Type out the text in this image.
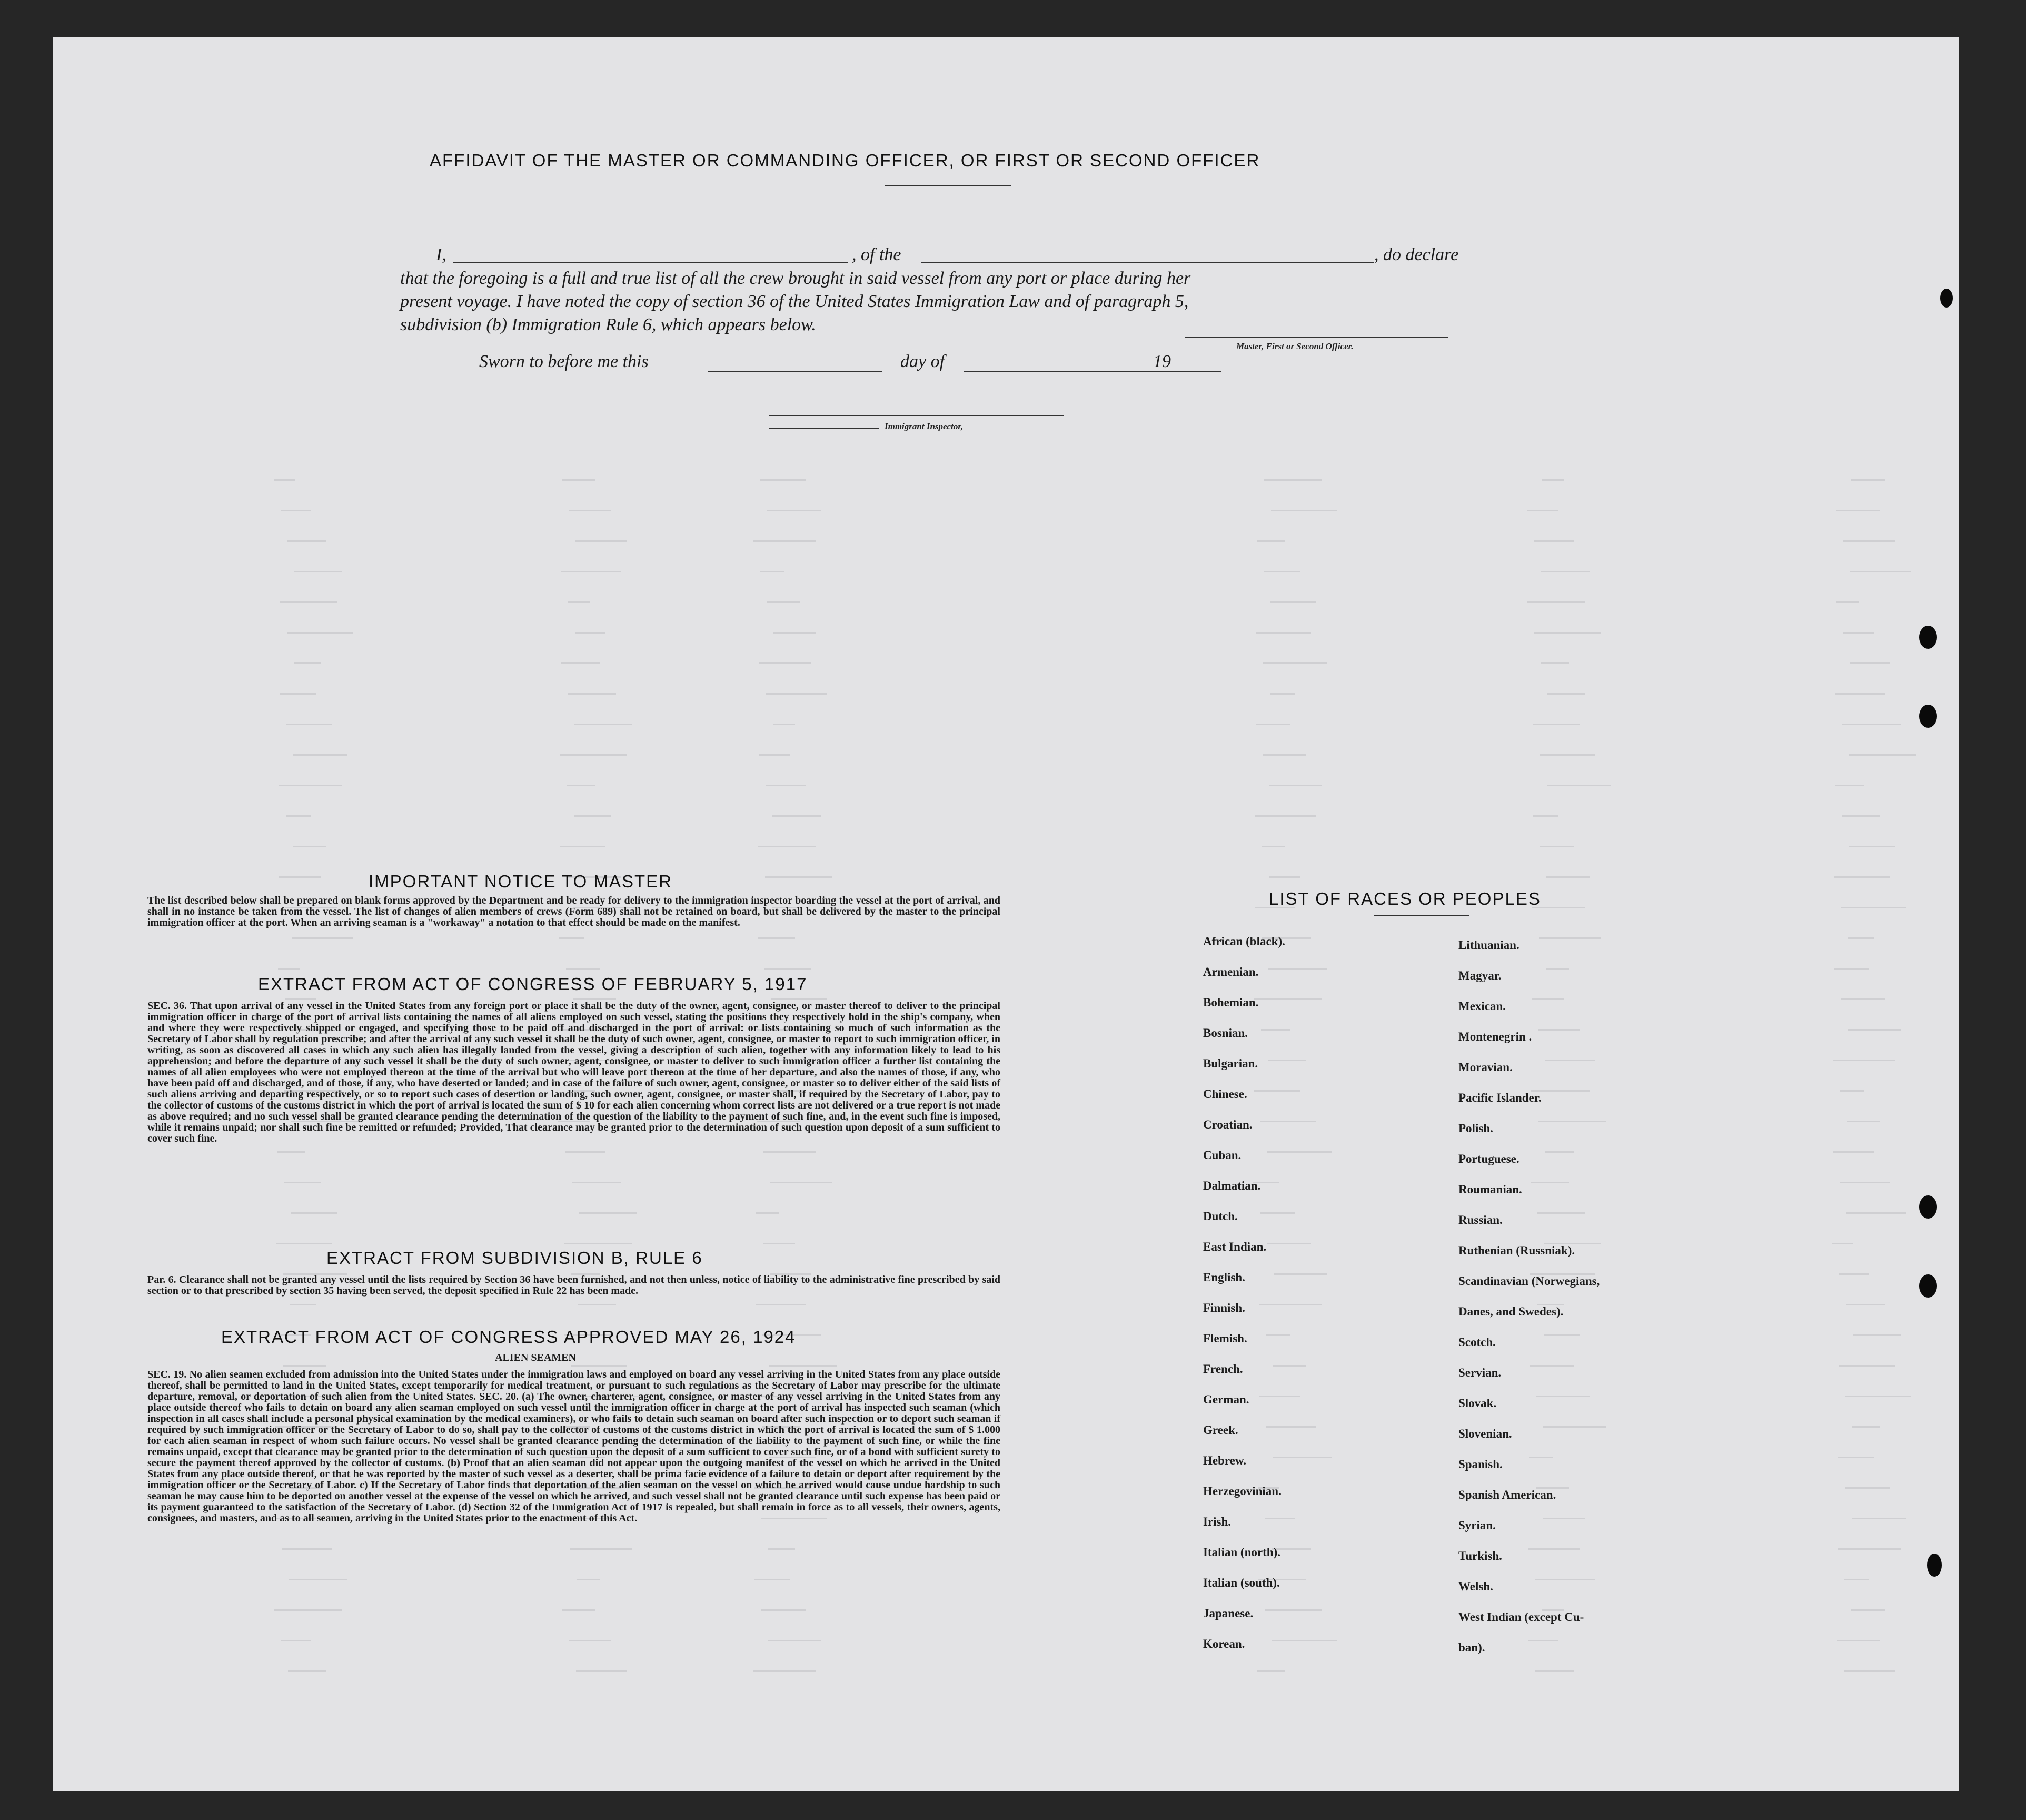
AFFIDAVIT OF THE MASTER OR COMMANDING OFFICER, OR FIRST OR SECOND OFFICER
I,	, of the	, do declare
that the foregoing is a full and true list of all the crew brought in said vessel from any port or place during her
present voyage. I have noted the copy of section 36 of the United States Immigration Law and of paragraph 5,
subdivision (b) Immigration Rule 6, which appears below.
Master, First or Second Officer.
Sworn to before me this	day of	19
Immigrant Inspector,
IMPORTANT NOTICE TO MASTER
The list described below shall be prepared on blank forms approved by the Department and be ready for delivery to the immigration inspector boarding the vessel at the port of arrival, and shall in no instance be taken from the vessel. The list of changes of alien members of crews (Form 689) shall not be retained on board, but shall be delivered by the master to the principal immigration officer at the port. When an arriving seaman is a "workaway" a notation to that effect should be made on the manifest.
EXTRACT FROM ACT OF CONGRESS OF FEBRUARY 5, 1917
SEC. 36. That upon arrival of any vessel in the United States from any foreign port or place it shall be the duty of the owner, agent, consignee, or master thereof to deliver to the principal immigration officer in charge of the port of arrival lists containing the names of all aliens employed on such vessel, stating the positions they respectively hold in the ship's company, when and where they were respectively shipped or engaged, and specifying those to be paid off and discharged in the port of arrival: or lists containing so much of such information as the Secretary of Labor shall by regulation prescribe; and after the arrival of any such vessel it shall be the duty of such owner, agent, consignee, or master to report to such immigration officer, in writing, as soon as discovered all cases in which any such alien has illegally landed from the vessel, giving a description of such alien, together with any information likely to lead to his apprehension; and before the departure of any such vessel it shall be the duty of such owner, agent, consignee, or master to deliver to such immigration officer a further list containing the names of all alien employees who were not employed thereon at the time of the arrival but who will leave port thereon at the time of her departure, and also the names of those, if any, who have been paid off and discharged, and of those, if any, who have deserted or landed; and in case of the failure of such owner, agent, consignee, or master so to deliver either of the said lists of such aliens arriving and departing respectively, or so to report such cases of desertion or landing, such owner, agent, consignee, or master shall, if required by the Secretary of Labor, pay to the collector of customs of the customs district in which the port of arrival is located the sum of $ 10 for each alien concerning whom correct lists are not delivered or a true report is not made as above required; and no such vessel shall be granted clearance pending the determination of the question of the liability to the payment of such fine, and, in the event such fine is imposed, while it remains unpaid; nor shall such fine be remitted or refunded; Provided, That clearance may be granted prior to the determination of such question upon deposit of a sum sufficient to cover such fine.
EXTRACT FROM SUBDIVISION B, RULE 6
Par. 6. Clearance shall not be granted any vessel until the lists required by Section 36 have been furnished, and not then unless, notice of liability to the administrative fine prescribed by said section or to that prescribed by section 35 having been served, the deposit specified in Rule 22 has been made.
EXTRACT FROM ACT OF CONGRESS APPROVED MAY 26, 1924
ALIEN SEAMEN
SEC. 19. No alien seamen excluded from admission into the United States under the immigration laws and employed on board any vessel arriving in the United States from any place outside thereof, shall be permitted to land in the United States, except temporarily for medical treatment, or pursuant to such regulations as the Secretary of Labor may prescribe for the ultimate departure, removal, or deportation of such alien from the United States. SEC. 20. (a) The owner, charterer, agent, consignee, or master of any vessel arriving in the United States from any place outside thereof who fails to detain on board any alien seaman employed on such vessel until the immigration officer in charge at the port of arrival has inspected such seaman (which inspection in all cases shall include a personal physical examination by the medical examiners), or who fails to detain such seaman on board after such inspection or to deport such seaman if required by such immigration officer or the Secretary of Labor to do so, shall pay to the collector of customs of the customs district in which the port of arrival is located the sum of $ 1.000 for each alien seaman in respect of whom such failure occurs. No vessel shall be granted clearance pending the determination of the liability to the payment of such fine, or while the fine remains unpaid, except that clearance may be granted prior to the determination of such question upon the deposit of a sum sufficient to cover such fine, or of a bond with sufficient surety to secure the payment thereof approved by the collector of customs. (b) Proof that an alien seaman did not appear upon the outgoing manifest of the vessel on which he arrived in the United States from any place outside thereof, or that he was reported by the master of such vessel as a deserter, shall be prima facie evidence of a failure to detain or deport after requirement by the immigration officer or the Secretary of Labor. c) If the Secretary of Labor finds that deportation of the alien seaman on the vessel on which he arrived would cause undue hardship to such seaman he may cause him to be deported on another vessel at the expense of the vessel on which he arrived, and such vessel shall not be granted clearance until such expense has been paid or its payment guaranteed to the satisfaction of the Secretary of Labor. (d) Section 32 of the Immigration Act of 1917 is repealed, but shall remain in force as to all vessels, their owners, agents, consignees, and masters, and as to all seamen, arriving in the United States prior to the enactment of this Act.
LIST OF RACES OR PEOPLES
African (black).
Armenian.
Bohemian.
Bosnian.
Bulgarian.
Chinese.
Croatian.
Cuban.
Dalmatian.
Dutch.
East Indian.
English.
Finnish.
Flemish.
French.
German.
Greek.
Hebrew.
Herzegovinian.
Irish.
Italian (north).
Italian (south).
Japanese.
Korean.
Lithuanian.
Magyar.
Mexican.
Montenegrin .
Moravian.
Pacific Islander.
Polish.
Portuguese.
Roumanian.
Russian.
Ruthenian (Russniak).
Scandinavian (Norwegians,
Danes, and Swedes).
Scotch.
Servian.
Slovak.
Slovenian.
Spanish.
Spanish American.
Syrian.
Turkish.
Welsh.
West Indian (except Cu-
ban).
